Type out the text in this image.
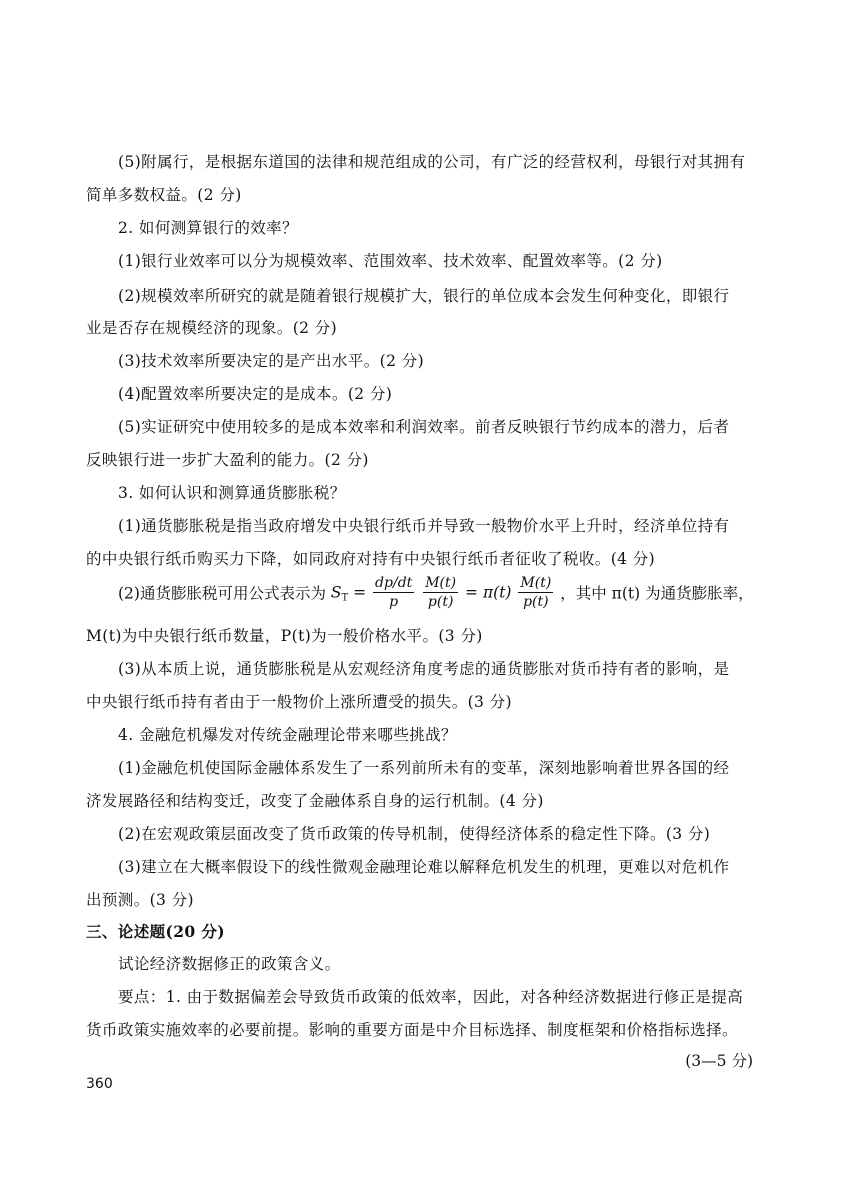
(5)附属行，是根据东道国的法律和规范组成的公司，有广泛的经营权利，母银行对其拥有

简单多数权益。(2 分)

2. 如何测算银行的效率？

(1)银行业效率可以分为规模效率、范围效率、技术效率、配置效率等。(2 分)

(2)规模效率所研究的就是随着银行规模扩大，银行的单位成本会发生何种变化，即银行

业是否存在规模经济的现象。(2 分)

(3)技术效率所要决定的是产出水平。(2 分)

(4)配置效率所要决定的是成本。(2 分)

(5)实证研究中使用较多的是成本效率和利润效率。前者反映银行节约成本的潜力，后者

反映银行进一步扩大盈利的能力。(2 分)

3. 如何认识和测算通货膨胀税？

(1)通货膨胀税是指当政府增发中央银行纸币并导致一般物价水平上升时，经济单位持有

的中央银行纸币购买力下降，如同政府对持有中央银行纸币者征收了税收。(4 分)

(2)通货膨胀税可用公式表示为 $S_T = \frac{dp/dt}{p}$
$\frac{M(t)}{p(t)} = \pi(t) \frac{M(t)}{p(t)}$ ，其中 π(t) 为通货膨胀率，

M(t)为中央银行纸币数量，P(t)为一般价格水平。(3 分)

(3)从本质上说，通货膨胀税是从宏观经济角度考虑的通货膨胀对货币持有者的影响，是

中央银行纸币持有者由于一般物价上涨所遭受的损失。(3 分)

4. 金融危机爆发对传统金融理论带来哪些挑战？

(1)金融危机使国际金融体系发生了一系列前所未有的变革，深刻地影响着世界各国的经

济发展路径和结构变迁，改变了金融体系自身的运行机制。(4 分)

(2)在宏观政策层面改变了货币政策的传导机制，使得经济体系的稳定性下降。(3 分)

(3)建立在大概率假设下的线性微观金融理论难以解释危机发生的机理，更难以对危机作

出预测。(3 分)

三、论述题(20 分)

试论经济数据修正的政策含义。

要点：1. 由于数据偏差会导致货币政策的低效率，因此，对各种经济数据进行修正是提高

货币政策实施效率的必要前提。影响的重要方面是中介目标选择、制度框架和价格指标选择。

(3—5 分)
360
